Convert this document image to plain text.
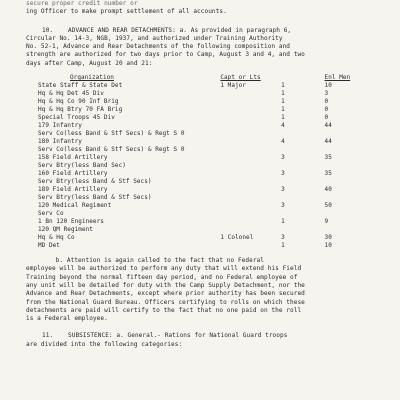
secure proper credit number or
ing Officer to make prompt settlement of all accounts.
10.    ADVANCE AND REAR DETACHMENTS: a. As provided in paragraph 6,
Circular No. 14-3, NGB, 1937, and authorized under Training Authority
No. 52-1, Advance and Rear Detachments of the following composition and
strength are authorized for two days prior to Camp, August 3 and 4, and two
days after Camp, August 20 and 21:
Organization	Capt or Lts		Enl Men
State Staff & State Det	1 Major	1	10
Hq & Hq Det 45 Div		1	3
Hq & Hq Co 90 Inf Brig		1	0
Hq & Hq Btry 70 FA Brig		1	0
Special Troops 45 Div		1	0
179 Infantry		4	44
Serv Co(less Band & Stf Secs) & Regt S 0			
180 Infantry		4	44
Serv Co(less Band & Stf Secs) & Regt S 0			
158 Field Artillery		3	35
Serv Btry(less Band Sec)			
160 Field Artillery		3	35
Serv Btry(less Band & Stf Secs)			
189 Field Artillery		3	40
Serv Btry(less Band & Stf Secs)			
120 Medical Regiment		3	50
Serv Co			
1 Bn 120 Engineers		1	9
120 QM Regiment			
Hq & Hq Co	1 Colonel	3	30
MD Det		1	10
b. Attention is again called to the fact that no Federal
employee will be authorized to perform any duty that will extend his Field
Training beyond the normal fifteen day period, and no Federal employee of
any unit will be detailed for duty with the Camp Supply Detachment, nor the
Advance and Rear Detachments, except where prior authority has been secured
from the National Guard Bureau. Officers certifying to rolls on which these
detachments are paid will certify to the fact that no one paid on the roll
is a Federal employee.
11.    SUBSISTENCE: a. General.- Rations for National Guard troops
are divided into the following categories:
